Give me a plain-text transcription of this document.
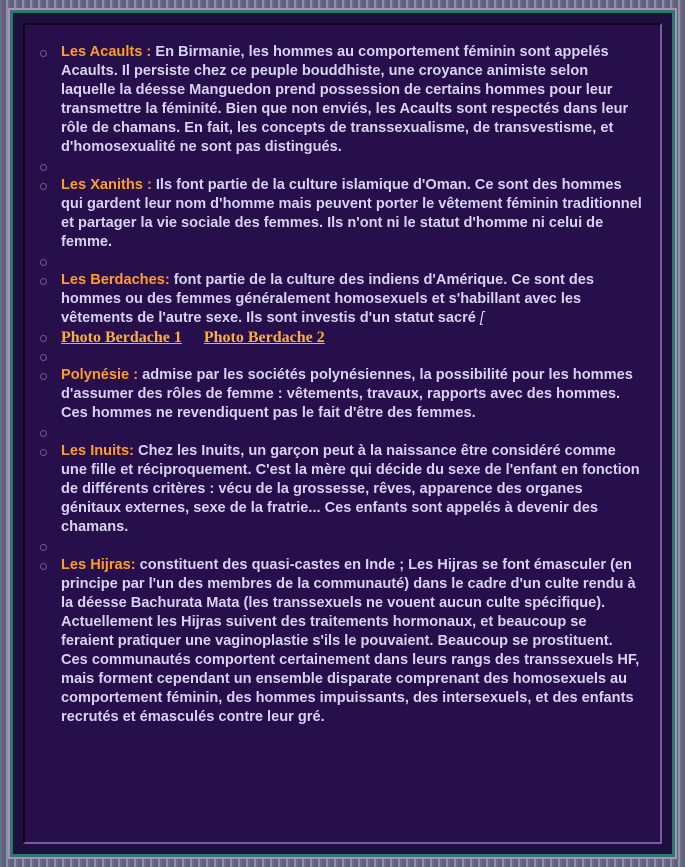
Les Acaults : En Birmanie, les hommes au comportement féminin sont appelés Acaults. Il persiste chez ce peuple bouddhiste, une croyance animiste selon laquelle la déesse Manguedon prend possession de certains hommes pour leur transmettre la féminité. Bien que non enviés, les Acaults sont respectés dans leur rôle de chamans. En fait, les concepts de transsexualisme, de transvestisme, et d'homosexualité ne sont pas distingués.
Les Xaniths : Ils font partie de la culture islamique d'Oman. Ce sont des hommes qui gardent leur nom d'homme mais peuvent porter le vêtement féminin traditionnel et partager la vie sociale des femmes. Ils n'ont ni le statut d'homme ni celui de femme.
Les Berdaches: font partie de la culture des indiens d'Amérique. Ce sont des hommes ou des femmes généralement homosexuels et s'habillant avec les vêtements de l'autre sexe. Ils sont investis d'un statut sacré [
Photo Berdache 1 Photo Berdache 2
Polynésie : admise par les sociétés polynésiennes, la possibilité pour les hommes d'assumer des rôles de femme : vêtements, travaux, rapports avec des hommes. Ces hommes ne revendiquent pas le fait d'être des femmes.
Les Inuits: Chez les Inuits, un garçon peut à la naissance être considéré comme une fille et réciproquement. C'est la mère qui décide du sexe de l'enfant en fonction de différents critères : vécu de la grossesse, rêves, apparence des organes génitaux externes, sexe de la fratrie... Ces enfants sont appelés à devenir des chamans.
Les Hijras: constituent des quasi-castes en Inde ; Les Hijras se font émasculer (en principe par l'un des membres de la communauté) dans le cadre d'un culte rendu à la déesse Bachurata Mata (les transsexuels ne vouent aucun culte spécifique). Actuellement les Hijras suivent des traitements hormonaux, et beaucoup se feraient pratiquer une vaginoplastie s'ils le pouvaient. Beaucoup se prostituent. Ces communautés comportent certainement dans leurs rangs des transsexuels HF, mais forment cependant un ensemble disparate comprenant des homosexuels au comportement féminin, des hommes impuissants, des intersexuels, et des enfants recrutés et émasculés contre leur gré.
